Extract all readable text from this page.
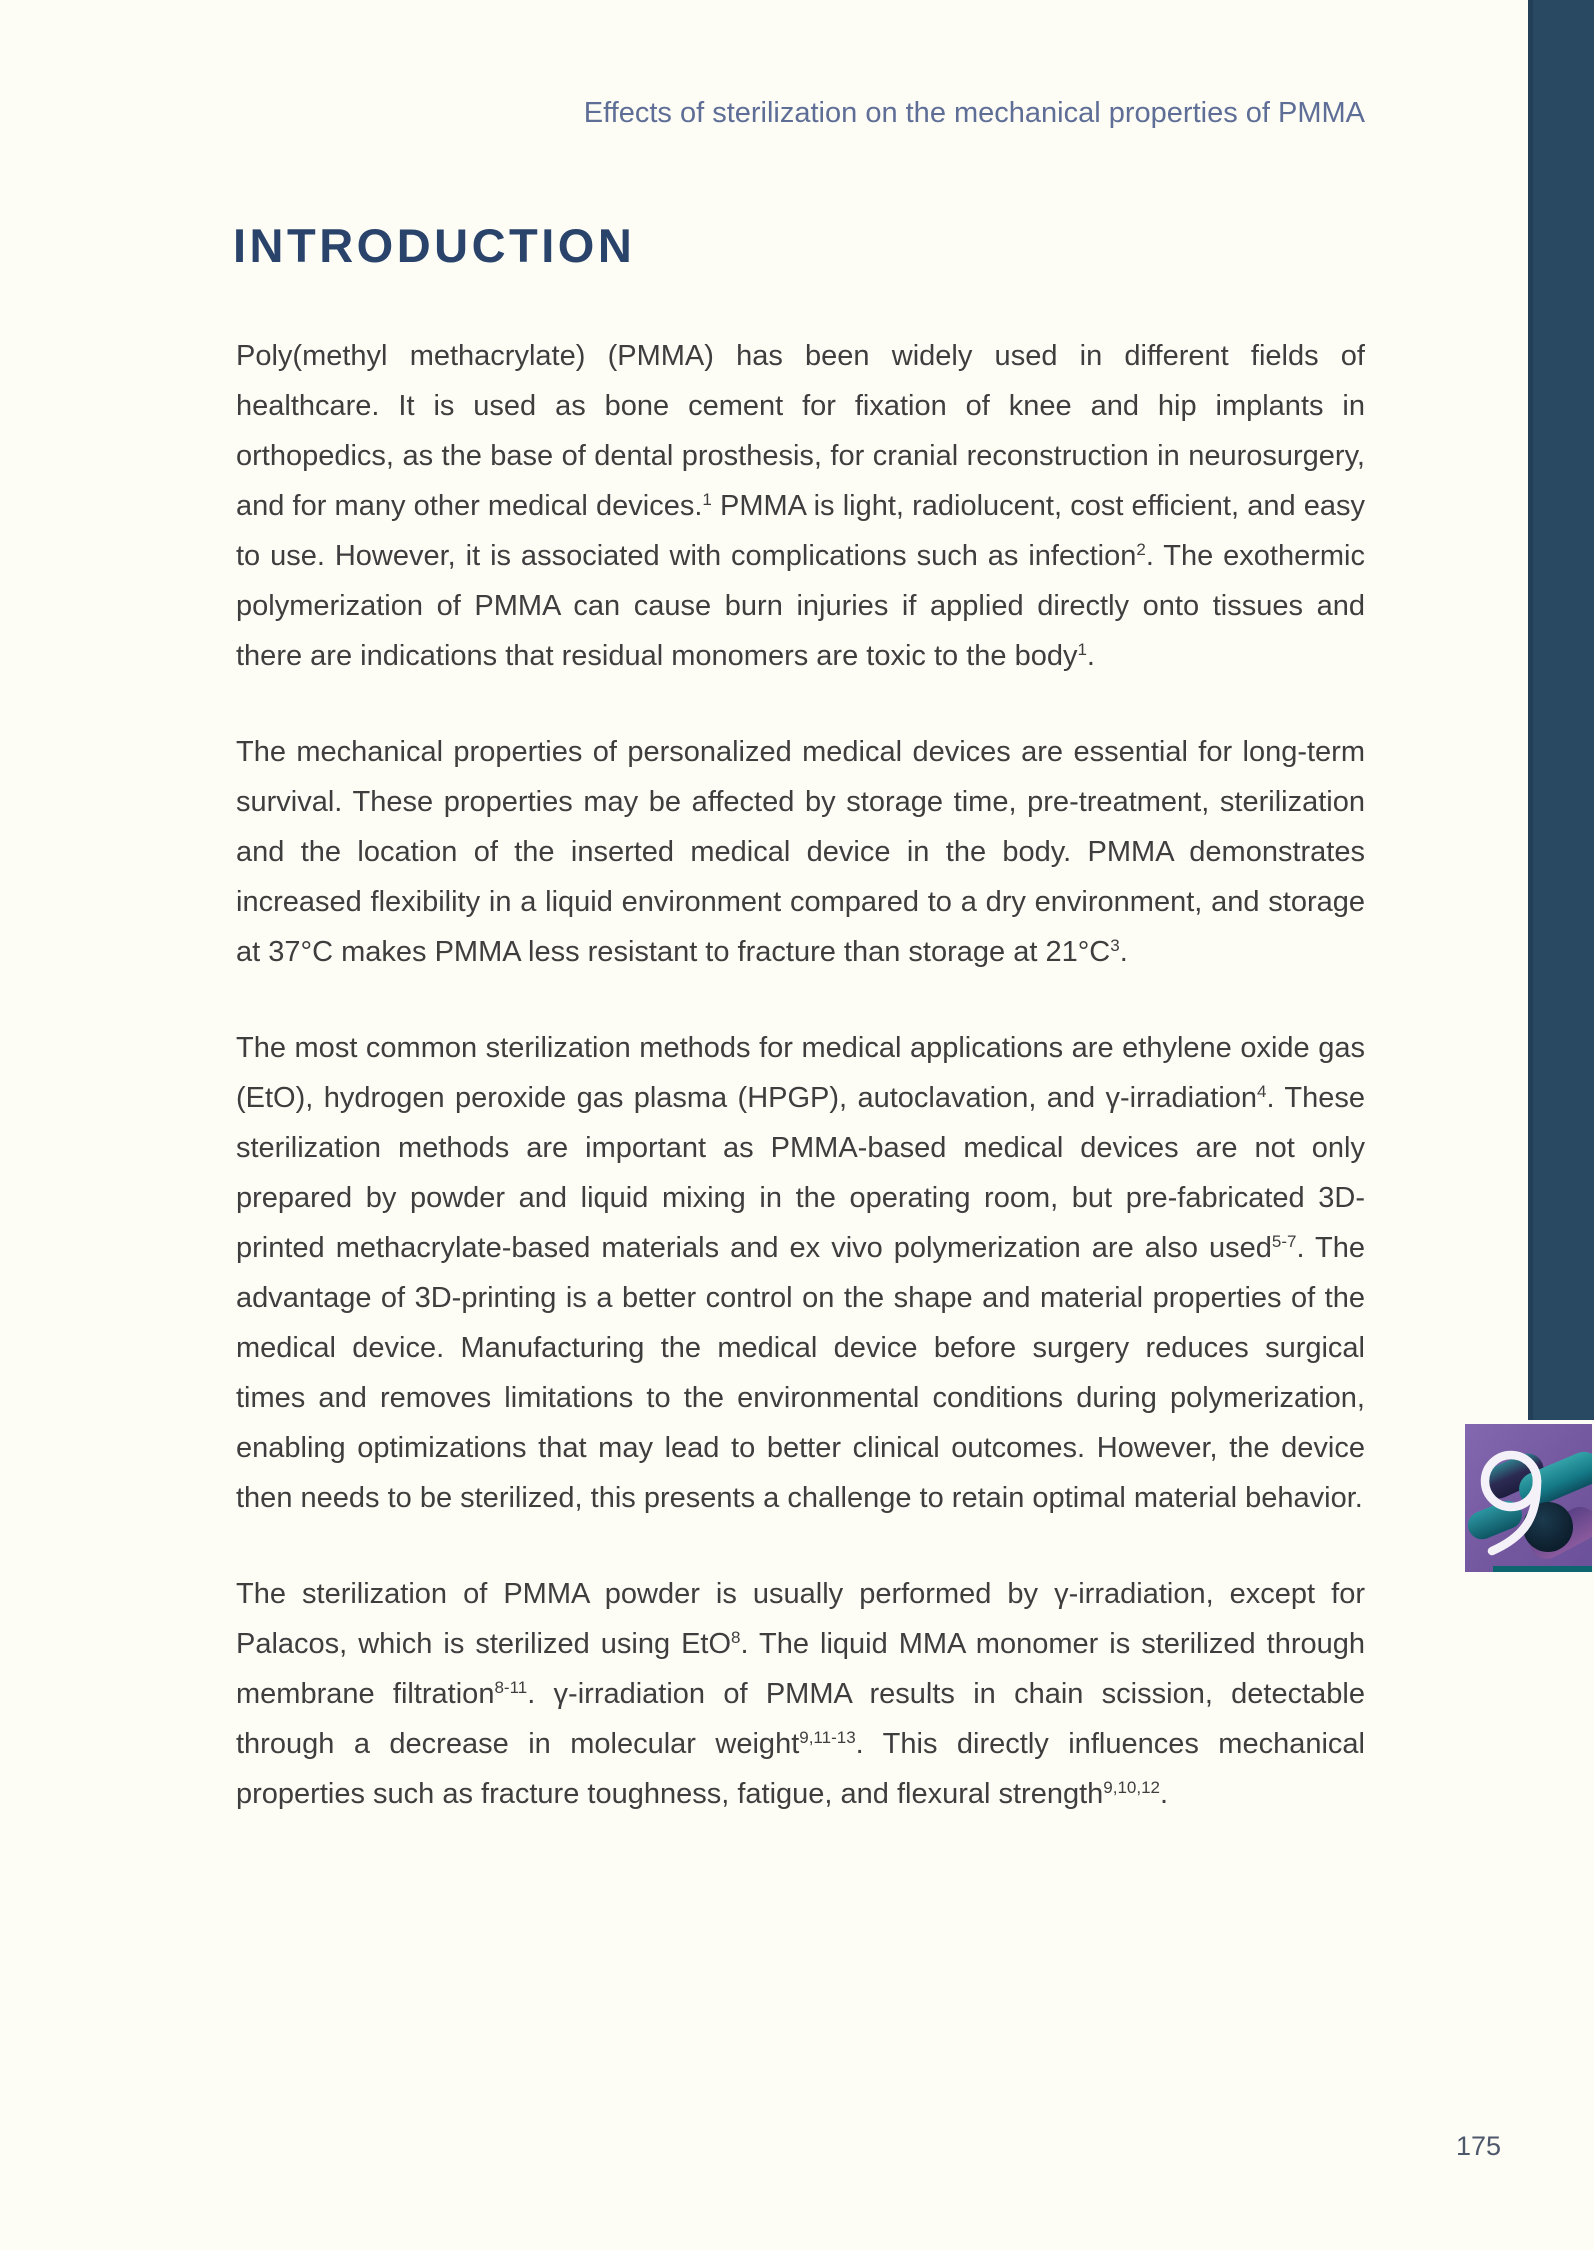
Effects of sterilization on the mechanical properties of PMMA
INTRODUCTION

Poly(methyl methacrylate) (PMMA) has been widely used in different fields of healthcare. It is used as bone cement for fixation of knee and hip implants in orthopedics, as the base of dental prosthesis, for cranial reconstruction in neurosurgery, and for many other medical devices.$^1$ PMMA is light, radiolucent, cost efficient, and easy to use. However, it is associated with complications such as infection$^2$. The exothermic polymerization of PMMA can cause burn injuries if applied directly onto tissues and there are indications that residual monomers are toxic to the body$^1$.

The mechanical properties of personalized medical devices are essential for long-term survival. These properties may be affected by storage time, pre-treatment, sterilization and the location of the inserted medical device in the body. PMMA demonstrates increased flexibility in a liquid environment compared to a dry environment, and storage at 37°C makes PMMA less resistant to fracture than storage at $21^\circ C^3$.

The most common sterilization methods for medical applications are ethylene oxide gas (EtO), hydrogen peroxide gas plasma (HPGP), autoclavation, and γ-irradiation$^4$. These sterilization methods are important as PMMA-based medical devices are not only prepared by powder and liquid mixing in the operating room, but pre-fabricated 3D-printed methacrylate-based materials and ex vivo polymerization are also used$^{5-7}$. The advantage of 3D-printing is a better control on the shape and material properties of the medical device. Manufacturing the medical device before surgery reduces surgical times and removes limitations to the environmental conditions during polymerization, enabling optimizations that may lead to better clinical outcomes. However, the device then needs to be sterilized, this presents a challenge to retain optimal material behavior.

The sterilization of PMMA powder is usually performed by γ-irradiation, except for Palacos, which is sterilized using EtO$^8$. The liquid MMA monomer is sterilized through membrane filtration$^{8-11}$. γ-irradiation of PMMA results in chain scission, detectable through a decrease in molecular weight$^{9,11-13}$. This directly influences mechanical properties such as fracture toughness, fatigue, and flexural strength$^{9,10,12}$.

175
